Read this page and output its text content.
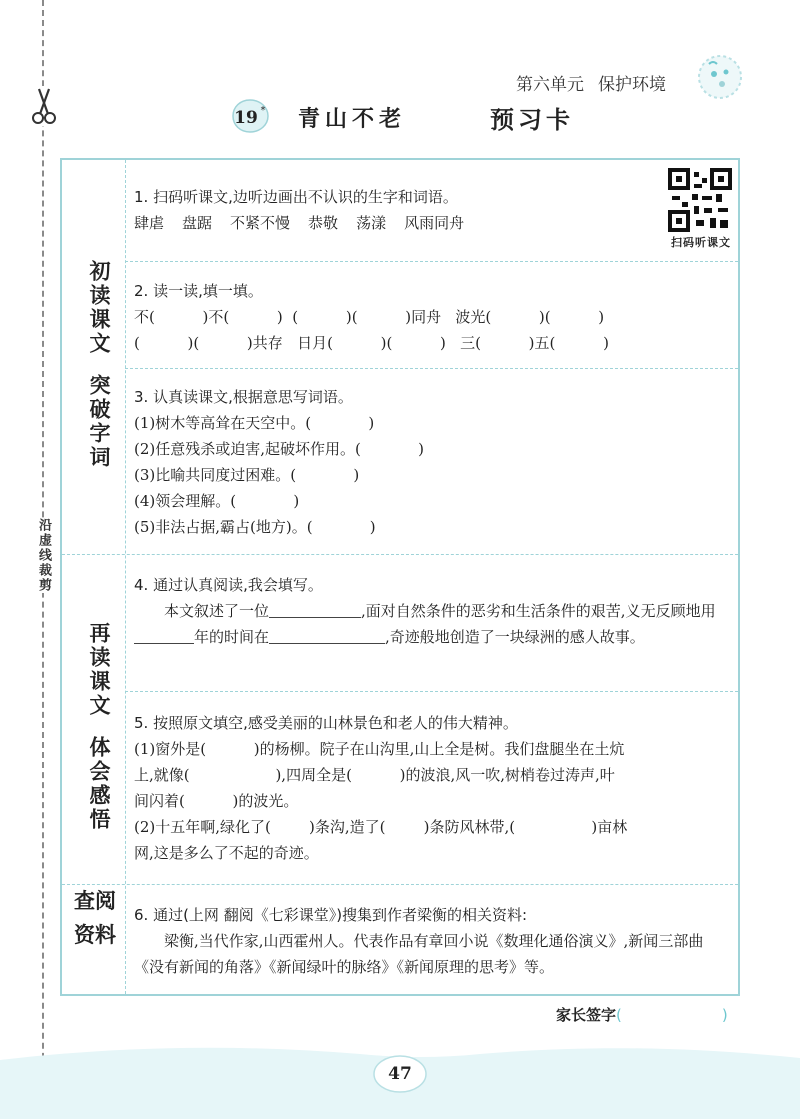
沿虚线裁剪
第六单元 保护环境
19 * 青山不老	预习卡
初读课文突破字词
再读课文体会感悟
查阅
资料
扫码听课文
1. 扫码听课文,边听边画出不认识的生字和词语。
肆虐 盘踞 不紧不慢 恭敬 荡漾 风雨同舟
2. 读一读,填一填。
不(          )不(          )  (          )(          )同舟   波光(          )(          )
(          )(          )共存   日月(          )(          )   三(          )五(          )
3. 认真读课文,根据意思写词语。
(1)树木等高耸在天空中。(            )
(2)任意残杀或迫害,起破坏作用。(            )
(3)比喻共同度过困难。(            )
(4)领会理解。(            )
(5)非法占据,霸占(地方)。(            )
4. 通过认真阅读,我会填写。
本文叙述了一位	,面对自然条件的恶劣和生活条件的艰苦,义无反顾地用年的时间在	,奇迹般地创造了一块绿洲的感人故事。
5. 按照原文填空,感受美丽的山林景色和老人的伟大精神。
(1)窗外是(          )的杨柳。院子在山沟里,山上全是树。我们盘腿坐在土炕
上,就像(                  ),四周全是(          )的波浪,风一吹,树梢卷过涛声,叶
间闪着(          )的波光。
(2)十五年啊,绿化了(        )条沟,造了(        )条防风林带,(                )亩林
网,这是多么了不起的奇迹。
6. 通过(上网 翻阅《七彩课堂》)搜集到作者梁衡的相关资料:
梁衡,当代作家,山西霍州人。代表作品有章回小说《数理化通俗演义》,新闻三部曲《没有新闻的角落》《新闻绿叶的脉络》《新闻原理的思考》等。
家长签字(	)
47
